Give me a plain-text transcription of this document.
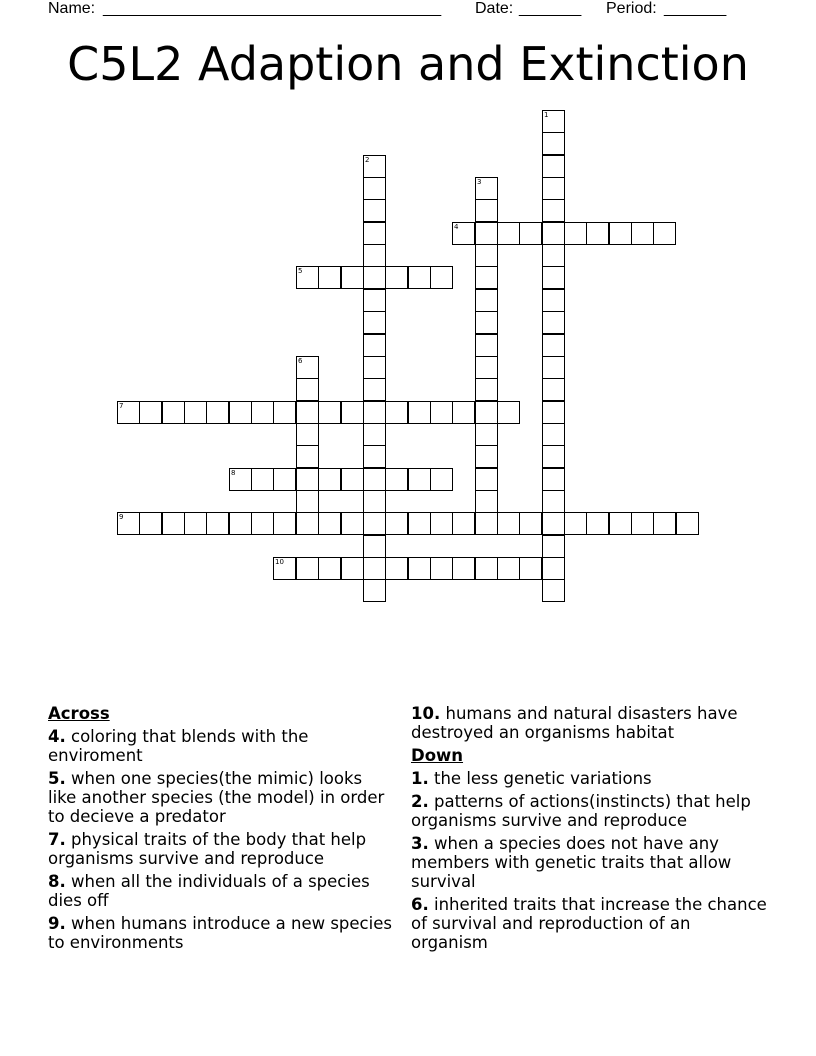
Name: ______________________________________ Date: _______ Period: _______
C5L2 Adaption and Extinction
1
2
3
4
5
6
7
8
9
10
Across
4. coloring that blends with the enviroment
5. when one species(the mimic) looks like another species (the model) in order to decieve a predator
7. physical traits of the body that help organisms survive and reproduce
8. when all the individuals of a species dies off
9. when humans introduce a new species to environments
10. humans and natural disasters have destroyed an organisms habitat
Down
1. the less genetic variations
2. patterns of actions(instincts) that help organisms survive and reproduce
3. when a species does not have any members with genetic traits that allow survival
6. inherited traits that increase the chance of survival and reproduction of an organism
